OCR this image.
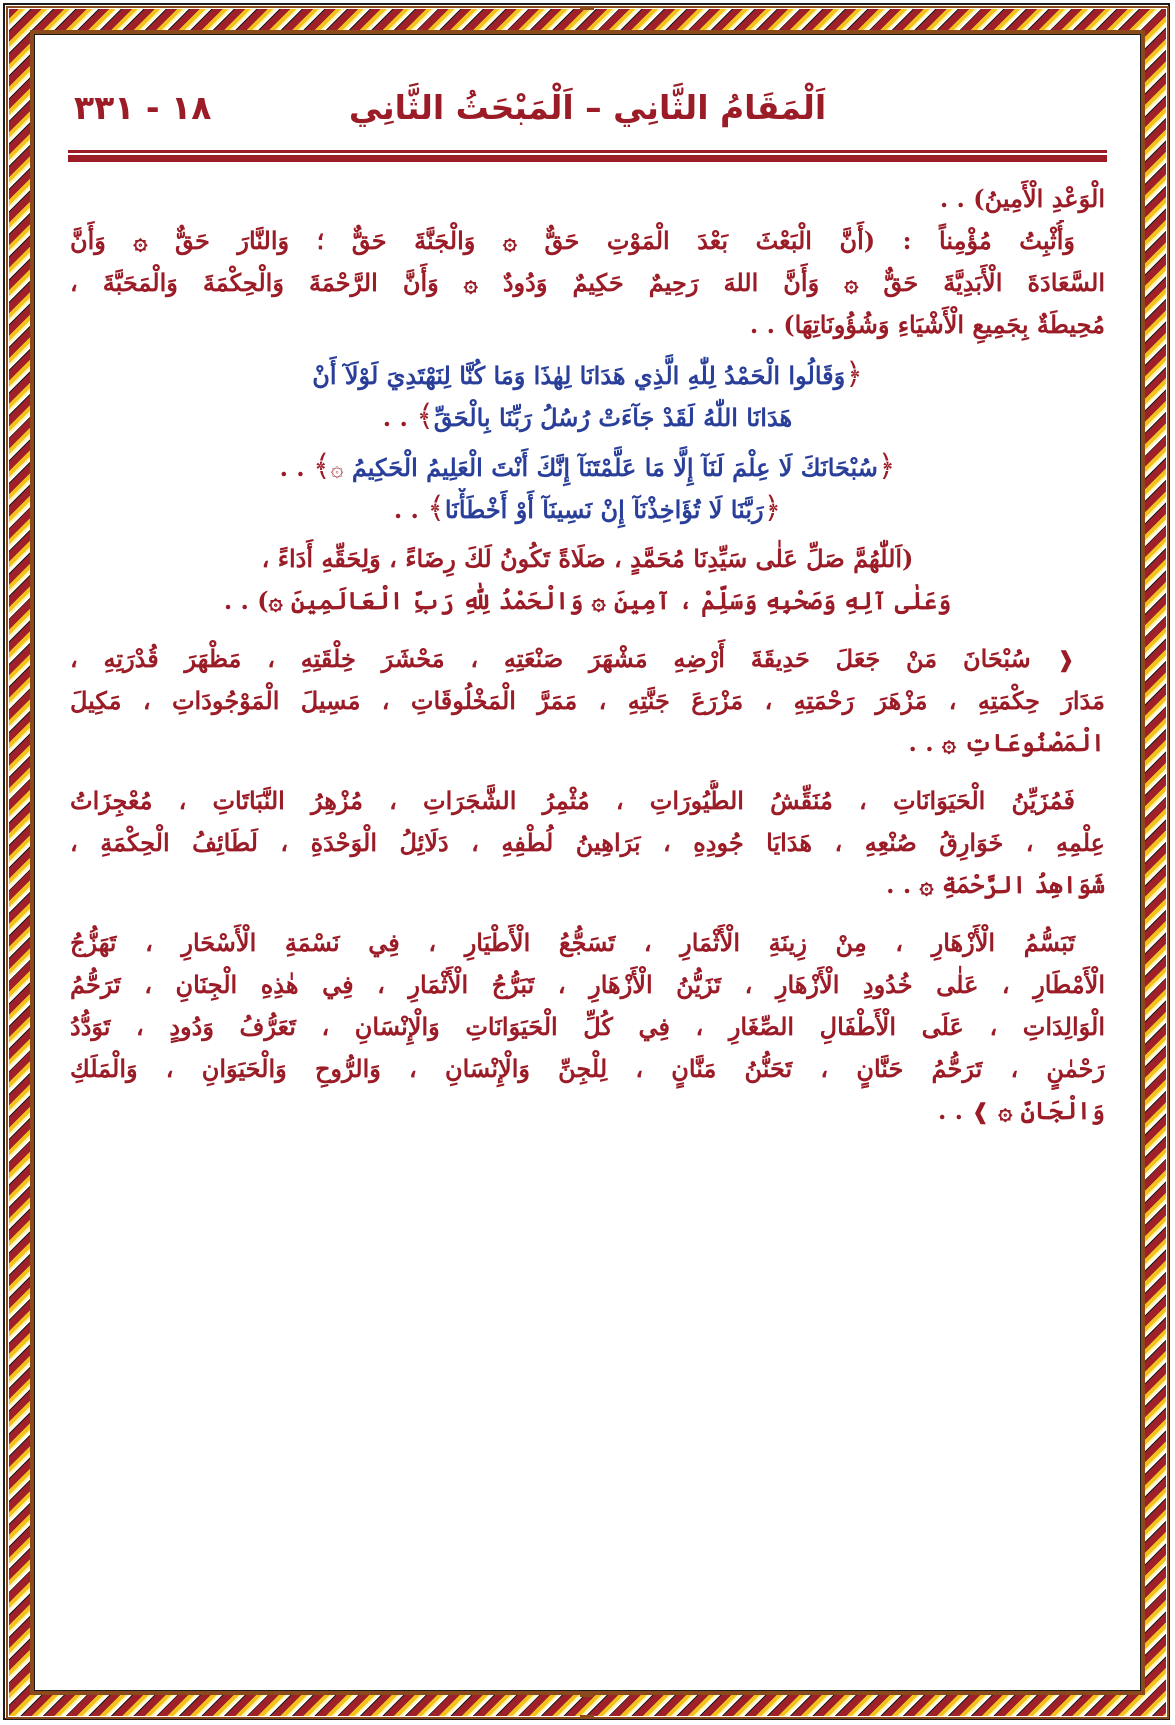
اَلْمَقَامُ الثَّانِي – اَلْمَبْحَثُ الثَّانِي
١٨ - ٣٣١
الْوَعْدِ الْأَمِينُ) . .
وَأُثْبِتُ مُؤْمِناً : (أَنَّ الْبَعْثَ بَعْدَ الْمَوْتِ حَقٌّ ۞ وَالْجَنَّةَ حَقٌّ ؛ وَالنَّارَ حَقٌّ ۞ وَأَنَّ
السَّعَادَةَ الْأَبَدِيَّةَ حَقٌّ ۞ وَأَنَّ اللهَ رَحِيمٌ حَكِيمٌ وَدُودٌ ۞ وَأَنَّ الرَّحْمَةَ وَالْحِكْمَةَ وَالْمَحَبَّةَ ،
مُحِيطَةٌ بِجَمِيعِ الْأَشْيَاءِ وَشُؤُونَاتِهَا) . .
﴿وَقَالُوا الْحَمْدُ لِلّٰهِ الَّذِي هَدَانَا لِهٰذَا وَمَا كُنَّا لِنَهْتَدِيَ لَوْلَآ أَنْ
هَدَانَا اللّٰهُ لَقَدْ جَآءَتْ رُسُلُ رَبِّنَا بِالْحَقِّ﴾ . .
﴿سُبْحَانَكَ لَا عِلْمَ لَنَآ إِلَّا مَا عَلَّمْتَنَآ إِنَّكَ أَنْتَ الْعَلِيمُ الْحَكِيمُ ۞﴾ . .
﴿رَبَّنَا لَا تُؤَاخِذْنَآ إِنْ نَسِينَآ أَوْ أَخْطَأْنَا﴾ . .
(اَللّٰهُمَّ صَلِّ عَلٰى سَيِّدِنَا مُحَمَّدٍ ، صَلَاةً تَكُونُ لَكَ رِضَاءً ، وَلِحَقِّهِ أَدَاءً ،
وَعَلٰى آلِهِ وَصَحْبِهِ وَسَلِّمْ ، آمِينَ ۞ وَالْحَمْدُ لِلّٰهِ رَبِّ الْعَالَمِينَ ۞) . .
❰ سُبْحَانَ مَنْ جَعَلَ حَدِيقَةَ أَرْضِهِ مَشْهَرَ صَنْعَتِهِ ، مَحْشَرَ خِلْقَتِهِ ، مَظْهَرَ قُدْرَتِهِ ،
مَدَارَ حِكْمَتِهِ ، مَزْهَرَ رَحْمَتِهِ ، مَزْرَعَ جَنَّتِهِ ، مَمَرَّ الْمَخْلُوقَاتِ ، مَسِيلَ الْمَوْجُودَاتِ ، مَكِيلَ
الْمَصْنُوعَاتِ ۞ . .
فَمُزَيِّنُ الْحَيَوَانَاتِ ، مُنَقِّشُ الطُّيُورَاتِ ، مُثْمِرُ الشَّجَرَاتِ ، مُزْهِرُ النَّبَاتَاتِ ، مُعْجِزَاتُ
عِلْمِهِ ، خَوَارِقُ صُنْعِهِ ، هَدَايَا جُودِهِ ، بَرَاهِينُ لُطْفِهِ ، دَلَائِلُ الْوَحْدَةِ ، لَطَائِفُ الْحِكْمَةِ ،
شَوَاهِدُ الرَّحْمَةِ ۞ . .
تَبَسُّمُ الْأَزْهَارِ ، مِنْ زِينَةِ الْأَثْمَارِ ، تَسَجُّعُ الْأَطْيَارِ ، فِي نَسْمَةِ الْأَسْحَارِ ، تَهَزُّجُ
الْأَمْطَارِ ، عَلٰى خُدُودِ الْأَزْهَارِ ، تَزَيُّنُ الْأَزْهَارِ ، تَبَرُّجُ الْأَثْمَارِ ، فِي هٰذِهِ الْجِنَانِ ، تَرَحُّمُ
الْوَالِدَاتِ ، عَلَى الْأَطْفَالِ الصِّغَارِ ، فِي كُلِّ الْحَيَوَانَاتِ وَالْإِنْسَانِ ، تَعَرُّفُ وَدُودٍ ، تَوَدُّدُ
رَحْمٰنٍ ، تَرَحُّمُ حَنَّانٍ ، تَحَنُّنُ مَنَّانٍ ، لِلْجِنِّ وَالْإِنْسَانِ ، وَالرُّوحِ وَالْحَيَوَانِ ، وَالْمَلَكِ
وَالْجَانِّ ۞ ❱ . .
